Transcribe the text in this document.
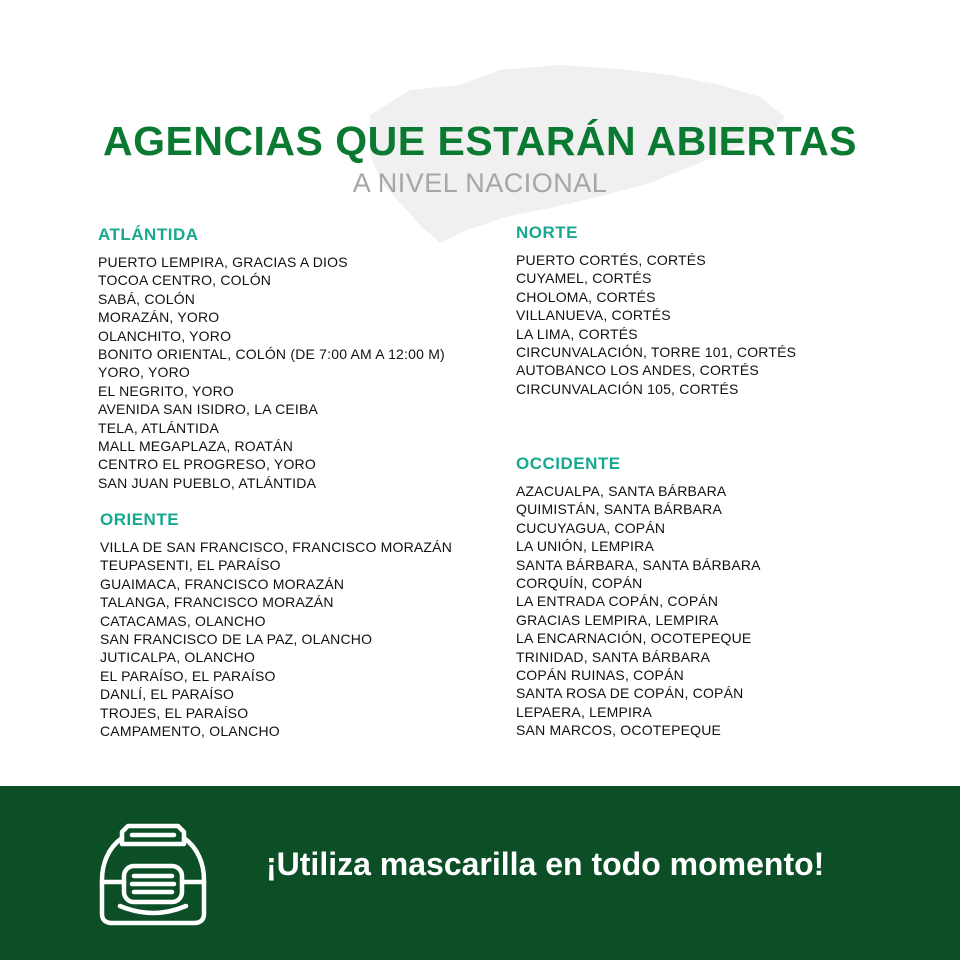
AGENCIAS QUE ESTARÁN ABIERTAS

A NIVEL NACIONAL

ATLÁNTIDA
PUERTO LEMPIRA, GRACIAS A DIOS
TOCOA CENTRO, COLÓN
SABÁ, COLÓN
MORAZÁN, YORO
OLANCHITO, YORO
BONITO ORIENTAL, COLÓN (DE 7:00 AM A 12:00 M)
YORO, YORO
EL NEGRITO, YORO
AVENIDA SAN ISIDRO, LA CEIBA
TELA, ATLÁNTIDA
MALL MEGAPLAZA, ROATÁN
CENTRO EL PROGRESO, YORO
SAN JUAN PUEBLO, ATLÁNTIDA
ORIENTE
VILLA DE SAN FRANCISCO, FRANCISCO MORAZÁN
TEUPASENTI, EL PARAÍSO
GUAIMACA, FRANCISCO MORAZÁN
TALANGA, FRANCISCO MORAZÁN
CATACAMAS, OLANCHO
SAN FRANCISCO DE LA PAZ, OLANCHO
JUTICALPA, OLANCHO
EL PARAÍSO, EL PARAÍSO
DANLÍ, EL PARAÍSO
TROJES, EL PARAÍSO
CAMPAMENTO, OLANCHO
NORTE
PUERTO CORTÉS, CORTÉS
CUYAMEL, CORTÉS
CHOLOMA, CORTÉS
VILLANUEVA, CORTÉS
LA LIMA, CORTÉS
CIRCUNVALACIÓN, TORRE 101, CORTÉS
AUTOBANCO LOS ANDES, CORTÉS
CIRCUNVALACIÓN 105, CORTÉS
OCCIDENTE
AZACUALPA, SANTA BÁRBARA
QUIMISTÁN, SANTA BÁRBARA
CUCUYAGUA, COPÁN
LA UNIÓN, LEMPIRA
SANTA BÁRBARA, SANTA BÁRBARA
CORQUÍN, COPÁN
LA ENTRADA COPÁN, COPÁN
GRACIAS LEMPIRA, LEMPIRA
LA ENCARNACIÓN, OCOTEPEQUE
TRINIDAD, SANTA BÁRBARA
COPÁN RUINAS, COPÁN
SANTA ROSA DE COPÁN, COPÁN
LEPAERA, LEMPIRA
SAN MARCOS, OCOTEPEQUE

¡Utiliza mascarilla en todo momento!
